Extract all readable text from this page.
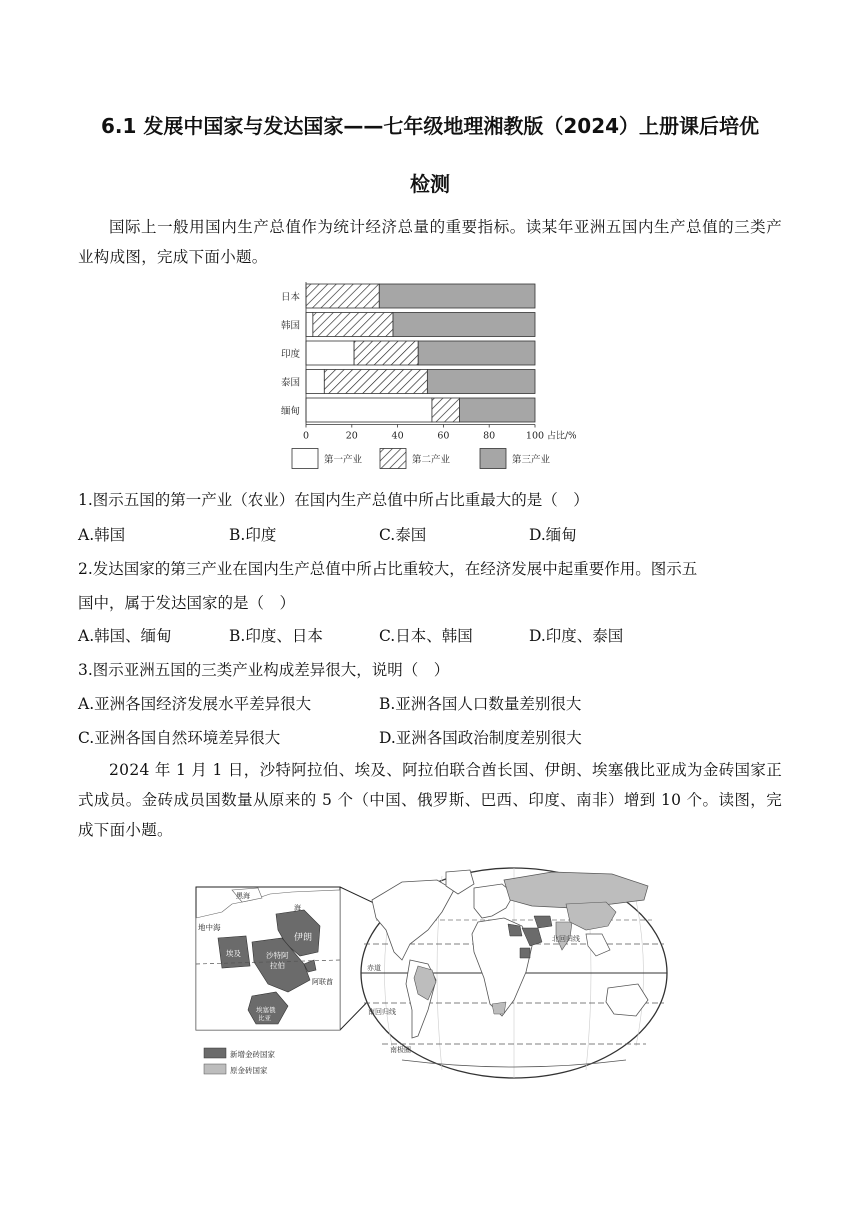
6.1 发展中国家与发达国家——七年级地理湘教版（2024）上册课后培优
检测
国际上一般用国内生产总值作为统计经济总量的重要指标。读某年亚洲五国内生产总值的三类产业构成图，完成下面小题。
日本
韩国
印度
泰国
缅甸
0	20	40	60	80	100 占比/%
第一产业	第二产业	第三产业
1.图示五国的第一产业（农业）在国内生产总值中所占比重最大的是（　）
A.韩国	B.印度	C.泰国	D.缅甸
2.发达国家的第三产业在国内生产总值中所占比重较大，在经济发展中起重要作用。图示五
国中，属于发达国家的是（　）
A.韩国、缅甸	B.印度、日本	C.日本、韩国	D.印度、泰国
3.图示亚洲五国的三类产业构成差异很大，说明（　）
A.亚洲各国经济发展水平差异很大	B.亚洲各国人口数量差别很大
C.亚洲各国自然环境差异很大	D.亚洲各国政治制度差别很大
2024 年 1 月 1 日，沙特阿拉伯、埃及、阿拉伯联合酋长国、伊朗、埃塞俄比亚成为金砖国家正式成员。金砖成员国数量从原来的 5 个（中国、俄罗斯、巴西、印度、南非）增到 10 个。读图，完成下面小题。
北回归线
赤道
南回归线
南极圈
黑海
海
地中海
伊朗
埃及	沙特阿
拉伯
阿联酋
埃塞俄
比亚
新增金砖国家
原金砖国家
